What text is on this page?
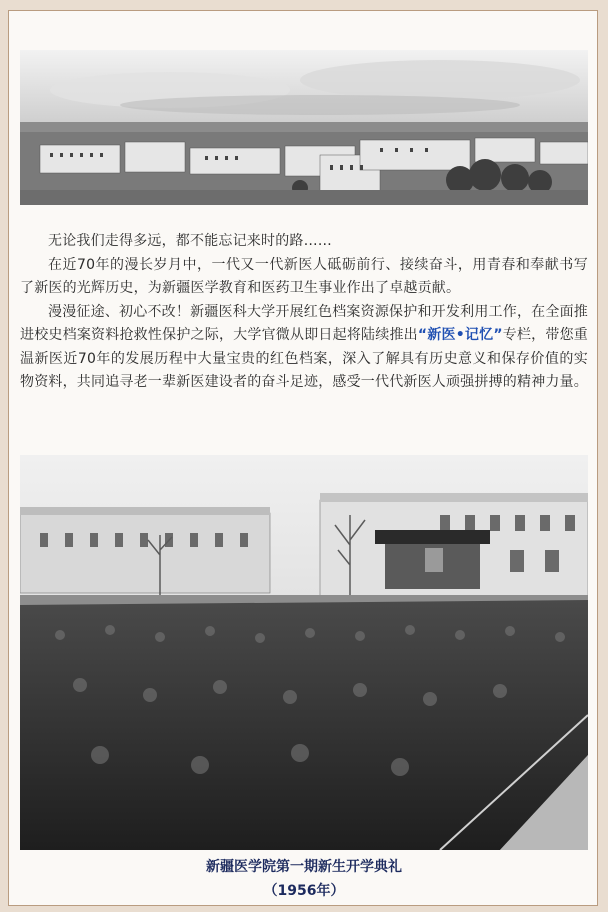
无论我们走得多远，都不能忘记来时的路……

在近70年的漫长岁月中，一代又一代新医人砥砺前行、接续奋斗，用青春和奉献书写了新医的光辉历史，为新疆医学教育和医药卫生事业作出了卓越贡献。

漫漫征途、初心不改！新疆医科大学开展红色档案资源保护和开发利用工作，在全面推进校史档案资料抢救性保护之际，大学官微从即日起将陆续推出“新医•记忆”专栏，带您重温新医近70年的发展历程中大量宝贵的红色档案，深入了解具有历史意义和保存价值的实物资料，共同追寻老一辈新医建设者的奋斗足迹，感受一代代新医人顽强拼搏的精神力量。

新疆医学院第一期新生开学典礼
（1956年）
